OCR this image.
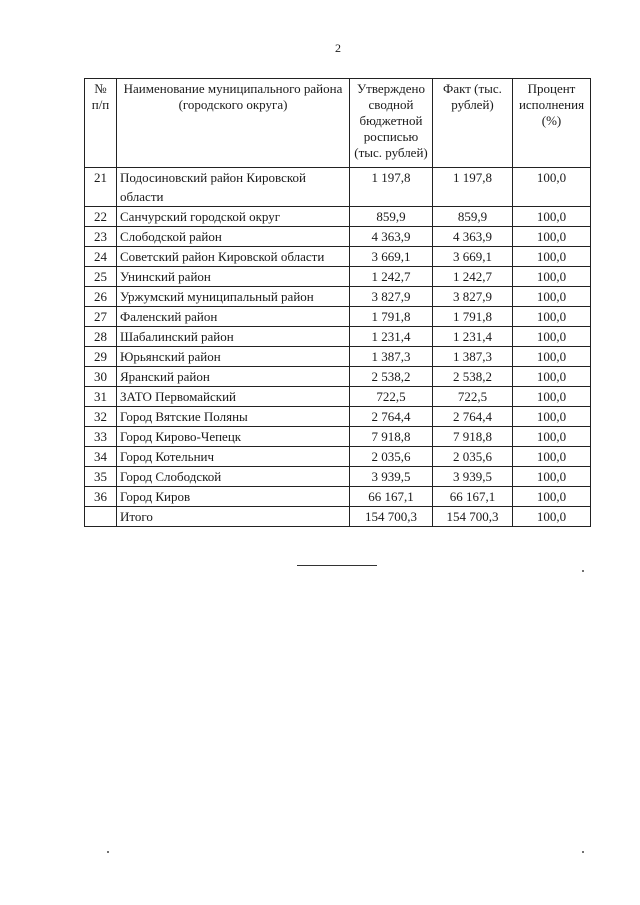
2
№ п/п	Наименование муниципального района (городского округа)	Утверждено сводной бюджетной росписью (тыс. рублей)	Факт (тыс. рублей)	Процент исполнения (%)
21	Подосиновский район Кировской области	1 197,8	1 197,8	100,0
22	Санчурский городской округ	859,9	859,9	100,0
23	Слободской район	4 363,9	4 363,9	100,0
24	Советский район Кировской области	3 669,1	3 669,1	100,0
25	Унинский район	1 242,7	1 242,7	100,0
26	Уржумский муниципальный район	3 827,9	3 827,9	100,0
27	Фаленский район	1 791,8	1 791,8	100,0
28	Шабалинский район	1 231,4	1 231,4	100,0
29	Юрьянский район	1 387,3	1 387,3	100,0
30	Яранский район	2 538,2	2 538,2	100,0
31	ЗАТО Первомайский	722,5	722,5	100,0
32	Город Вятские Поляны	2 764,4	2 764,4	100,0
33	Город Кирово-Чепецк	7 918,8	7 918,8	100,0
34	Город Котельнич	2 035,6	2 035,6	100,0
35	Город Слободской	3 939,5	3 939,5	100,0
36	Город Киров	66 167,1	66 167,1	100,0
	Итого	154 700,3	154 700,3	100,0
